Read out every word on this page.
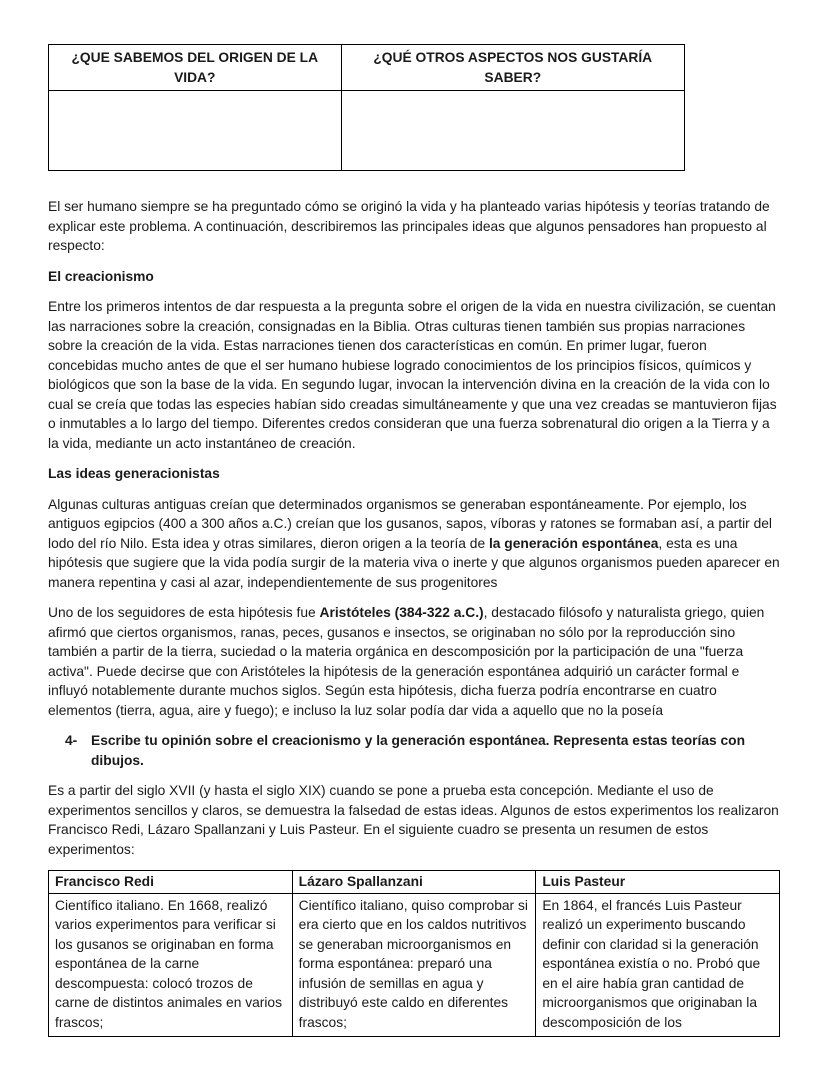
¿QUE SABEMOS DEL ORIGEN DE LA VIDA?	¿QUÉ OTROS ASPECTOS NOS GUSTARÍA SABER?

El ser humano siempre se ha preguntado cómo se originó la vida y ha planteado varias hipótesis y teorías tratando de explicar este problema. A continuación, describiremos las principales ideas que algunos pensadores han propuesto al respecto:

El creacionismo

Entre los primeros intentos de dar respuesta a la pregunta sobre el origen de la vida en nuestra civilización, se cuentan las narraciones sobre la creación, consignadas en la Biblia. Otras culturas tienen también sus propias narraciones sobre la creación de la vida. Estas narraciones tienen dos características en común. En primer lugar, fueron concebidas mucho antes de que el ser humano hubiese logrado conocimientos de los principios físicos, químicos y biológicos que son la base de la vida. En segundo lugar, invocan la intervención divina en la creación de la vida con lo cual se creía que todas las especies habían sido creadas simultáneamente y que una vez creadas se mantuvieron fijas o inmutables a lo largo del tiempo. Diferentes credos consideran que una fuerza sobrenatural dio origen a la Tierra y a la vida, mediante un acto instantáneo de creación.

Las ideas generacionistas

Algunas culturas antiguas creían que determinados organismos se generaban espontáneamente. Por ejemplo, los antiguos egipcios (400 a 300 años a.C.) creían que los gusanos, sapos, víboras y ratones se formaban así, a partir del lodo del río Nilo. Esta idea y otras similares, dieron origen a la teoría de la generación espontánea, esta es una hipótesis que sugiere que la vida podía surgir de la materia viva o inerte y que algunos organismos pueden aparecer en manera repentina y casi al azar, independientemente de sus progenitores

Uno de los seguidores de esta hipótesis fue Aristóteles (384-322 a.C.), destacado filósofo y naturalista griego, quien afirmó que ciertos organismos, ranas, peces, gusanos e insectos, se originaban no sólo por la reproducción sino también a partir de la tierra, suciedad o la materia orgánica en descomposición por la participación de una "fuerza activa". Puede decirse que con Aristóteles la hipótesis de la generación espontánea adquirió un carácter formal e influyó notablemente durante muchos siglos. Según esta hipótesis, dicha fuerza podría encontrarse en cuatro elementos (tierra, agua, aire y fuego); e incluso la luz solar podía dar vida a aquello que no la poseía

4- Escribe tu opinión sobre el creacionismo y la generación espontánea. Representa estas teorías con dibujos.

Es a partir del siglo XVII (y hasta el siglo XIX) cuando se pone a prueba esta concepción. Mediante el uso de experimentos sencillos y claros, se demuestra la falsedad de estas ideas. Algunos de estos experimentos los realizaron Francisco Redi, Lázaro Spallanzani y Luis Pasteur. En el siguiente cuadro se presenta un resumen de estos experimentos:

Francisco Redi	Lázaro Spallanzani	Luis Pasteur
Científico italiano. En 1668, realizó varios experimentos para verificar si los gusanos se originaban en forma espontánea de la carne descompuesta: colocó trozos de carne de distintos animales en varios frascos;	Científico italiano, quiso comprobar si era cierto que en los caldos nutritivos se generaban microorganismos en forma espontánea: preparó una infusión de semillas en agua y distribuyó este caldo en diferentes frascos;	En 1864, el francés Luis Pasteur realizó un experimento buscando definir con claridad si la generación espontánea existía o no. Probó que en el aire había gran cantidad de microorganismos que originaban la descomposición de los
